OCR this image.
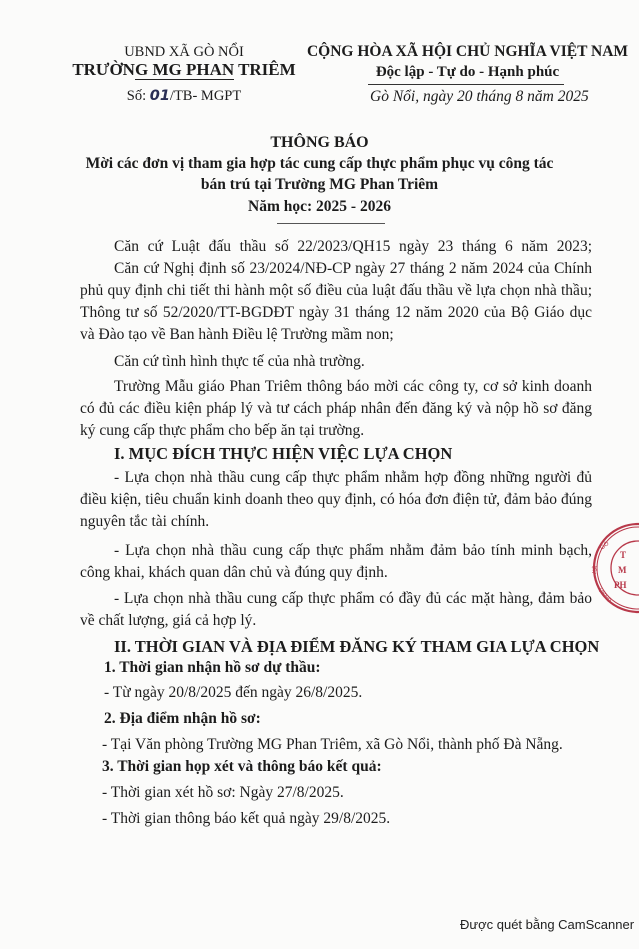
UBND XÃ GÒ NỔI
TRƯỜNG MG PHAN TRIÊM
Số: 01/TB- MGPT
CỘNG HÒA XÃ HỘI CHỦ NGHĨA VIỆT NAM
Độc lập - Tự do - Hạnh phúc
Gò Nổi, ngày 20 tháng 8 năm 2025
THÔNG BÁO
Mời các đơn vị tham gia hợp tác cung cấp thực phẩm phục vụ công tác
bán trú tại Trường MG Phan Triêm
Năm học: 2025 - 2026
Căn cứ Luật đấu thầu số 22/2023/QH15 ngày 23 tháng 6 năm 2023;
Căn cứ Nghị định số 23/2024/NĐ-CP ngày 27 tháng 2 năm 2024 của Chính
phủ quy định chi tiết thi hành một số điều của luật đấu thầu về lựa chọn nhà thầu;
Thông tư số 52/2020/TT-BGDĐT ngày 31 tháng 12 năm 2020 của Bộ Giáo dục
và Đào tạo về Ban hành Điều lệ Trường mầm non;
Căn cứ tình hình thực tế của nhà trường.
Trường Mẫu giáo Phan Triêm thông báo mời các công ty, cơ sở kinh doanh
có đủ các điều kiện pháp lý và tư cách pháp nhân đến đăng ký và nộp hồ sơ đăng
ký cung cấp thực phẩm cho bếp ăn tại trường.
I. MỤC ĐÍCH THỰC HIỆN VIỆC LỰA CHỌN
- Lựa chọn nhà thầu cung cấp thực phẩm nhằm hợp đồng những người đủ
điều kiện, tiêu chuẩn kinh doanh theo quy định, có hóa đơn điện tử, đảm bảo đúng
nguyên tắc tài chính.
- Lựa chọn nhà thầu cung cấp thực phẩm nhằm đảm bảo tính minh bạch,
công khai, khách quan dân chủ và đúng quy định.
- Lựa chọn nhà thầu cung cấp thực phẩm có đầy đủ các mặt hàng, đảm bảo
về chất lượng, giá cả hợp lý.
II. THỜI GIAN VÀ ĐỊA ĐIỂM ĐĂNG KÝ THAM GIA LỰA CHỌN
1. Thời gian nhận hồ sơ dự thầu:
- Từ ngày 20/8/2025 đến ngày 26/8/2025.
2. Địa điểm nhận hồ sơ:
- Tại Văn phòng Trường MG Phan Triêm, xã Gò Nổi, thành phố Đà Nẵng.
3. Thời gian họp xét và thông báo kết quả:
- Thời gian xét hồ sơ: Ngày 27/8/2025.
- Thời gian thông báo kết quả ngày 29/8/2025.
T
M
PH
GÒ
XÃ
UBND
Được quét bằng CamScanner
